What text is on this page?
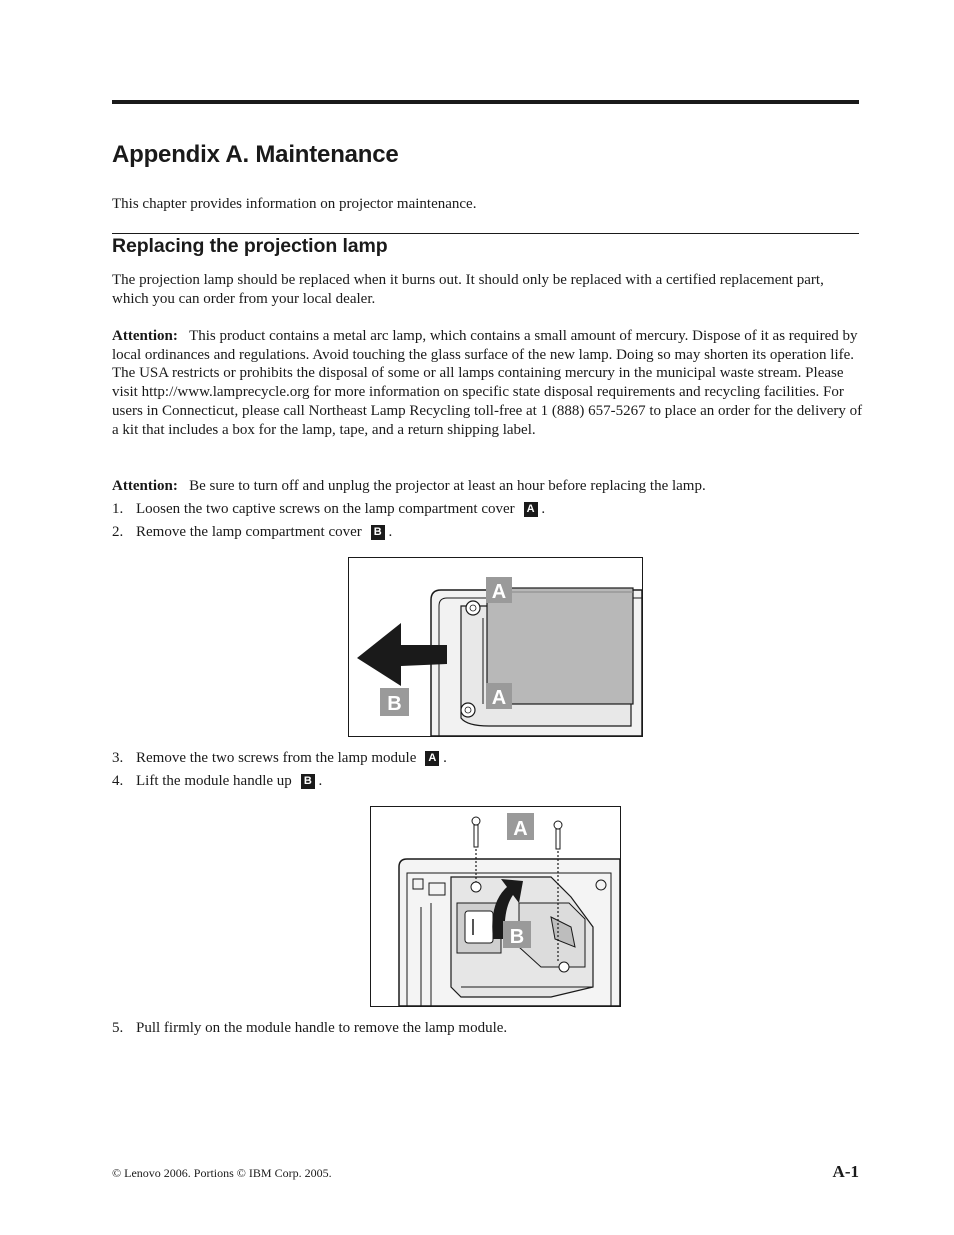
Appendix A. Maintenance
This chapter provides information on projector maintenance.
Replacing the projection lamp
The projection lamp should be replaced when it burns out. It should only be replaced with a certified replacement part, which you can order from your local dealer.
Attention: This product contains a metal arc lamp, which contains a small amount of mercury. Dispose of it as required by local ordinances and regulations. Avoid touching the glass surface of the new lamp. Doing so may shorten its operation life. The USA restricts or prohibits the disposal of some or all lamps containing mercury in the municipal waste stream. Please visit http://www.lamprecycle.org for more information on specific state disposal requirements and recycling facilities. For users in Connecticut, please call Northeast Lamp Recycling toll-free at 1 (888) 657-5267 to place an order for the delivery of a kit that includes a box for the lamp, tape, and a return shipping label.
Attention: Be sure to turn off and unplug the projector at least an hour before replacing the lamp.
1. Loosen the two captive screws on the lamp compartment cover A .
2. Remove the lamp compartment cover B .
A
A
B
3. Remove the two screws from the lamp module A .
4. Lift the module handle up B .
A
B
5. Pull firmly on the module handle to remove the lamp module.
© Lenovo 2006. Portions © IBM Corp. 2005.	A-1
